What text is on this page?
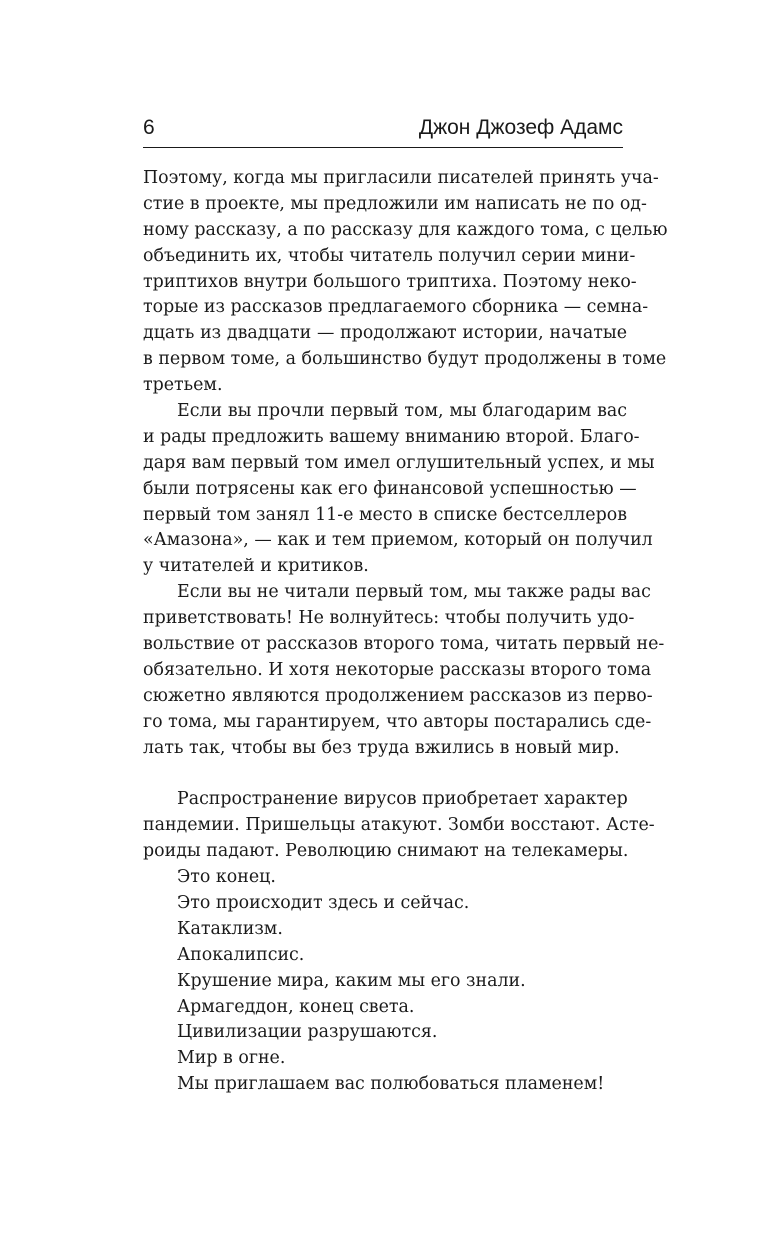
6	Джон Джозеф Адамс
Поэтому, когда мы пригласили писателей принять уча-
стие в проекте, мы предложили им написать не по од-
ному рассказу, а по рассказу для каждого тома, с целью
объединить их, чтобы читатель получил серии мини-
триптихов внутри большого триптиха. Поэтому неко-
торые из рассказов предлагаемого сборника — семна-
дцать из двадцати — продолжают истории, начатые
в первом томе, а большинство будут продолжены в томе
третьем.
Если вы прочли первый том, мы благодарим вас
и рады предложить вашему вниманию второй. Благо-
даря вам первый том имел оглушительный успех, и мы
были потрясены как его финансовой успешностью —
первый том занял 11-е место в списке бестселлеров
«Амазона», — как и тем приемом, который он получил
у читателей и критиков.
Если вы не читали первый том, мы также рады вас
приветствовать! Не волнуйтесь: чтобы получить удо-
вольствие от рассказов второго тома, читать первый не-
обязательно. И хотя некоторые рассказы второго тома
сюжетно являются продолжением рассказов из перво-
го тома, мы гарантируем, что авторы постарались сде-
лать так, чтобы вы без труда вжились в новый мир.
Распространение вирусов приобретает характер
пандемии. Пришельцы атакуют. Зомби восстают. Асте-
роиды падают. Революцию снимают на телекамеры.
Это конец.
Это происходит здесь и сейчас.
Катаклизм.
Апокалипсис.
Крушение мира, каким мы его знали.
Армагеддон, конец света.
Цивилизации разрушаются.
Мир в огне.
Мы приглашаем вас полюбоваться пламенем!
